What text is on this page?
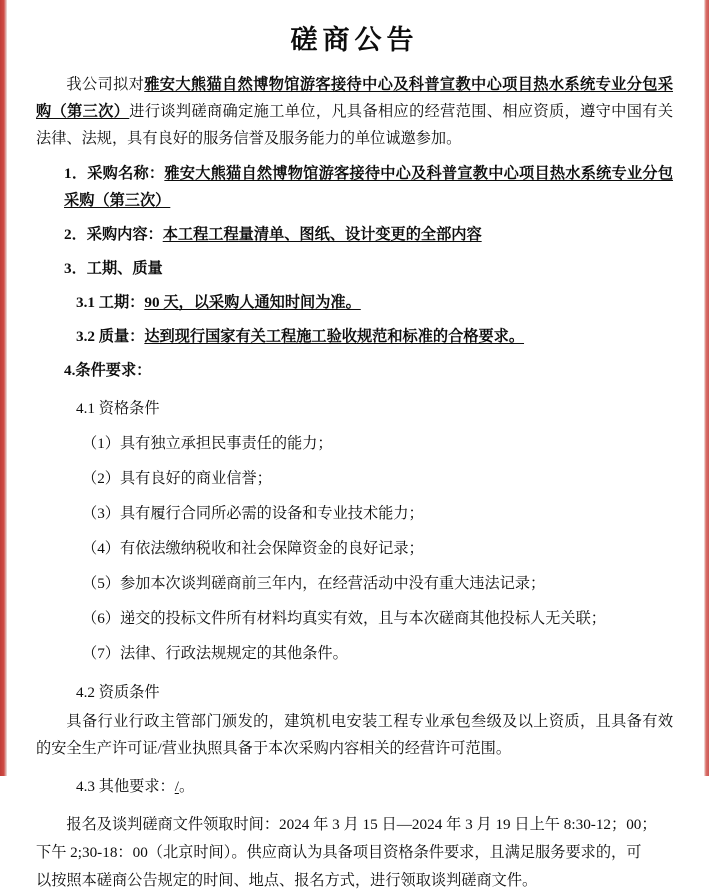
磋商公告

我公司拟对雅安大熊猫自然博物馆游客接待中心及科普宣教中心项目热水系统专业分包采购（第三次）进行谈判磋商确定施工单位，凡具备相应的经营范围、相应资质，遵守中国有关法律、法规，具有良好的服务信誉及服务能力的单位诚邀参加。

1．采购名称：雅安大熊猫自然博物馆游客接待中心及科普宣教中心项目热水系统专业分包采购（第三次）

2．采购内容：本工程工程量清单、图纸、设计变更的全部内容

3．工期、质量

3.1 工期：90 天，以采购人通知时间为准。

3.2 质量：达到现行国家有关工程施工验收规范和标准的合格要求。

4.条件要求：

4.1 资格条件

（1）具有独立承担民事责任的能力；

（2）具有良好的商业信誉；

（3）具有履行合同所必需的设备和专业技术能力；

（4）有依法缴纳税收和社会保障资金的良好记录；

（5）参加本次谈判磋商前三年内，在经营活动中没有重大违法记录；

（6）递交的投标文件所有材料均真实有效，且与本次磋商其他投标人无关联；

（7）法律、行政法规规定的其他条件。

4.2 资质条件

具备行业行政主管部门颁发的，建筑机电安装工程专业承包叁级及以上资质，且具备有效的安全生产许可证/营业执照具备于本次采购内容相关的经营许可范围。

4.3 其他要求：/。

报名及谈判磋商文件领取时间：2024 年 3 月 15 日—2024 年 3 月 19 日上午 8:30-12；00；

下午 2;30-18：00（北京时间）。供应商认为具备项目资格条件要求，且满足服务要求的，可

以按照本磋商公告规定的时间、地点、报名方式，进行领取谈判磋商文件。
